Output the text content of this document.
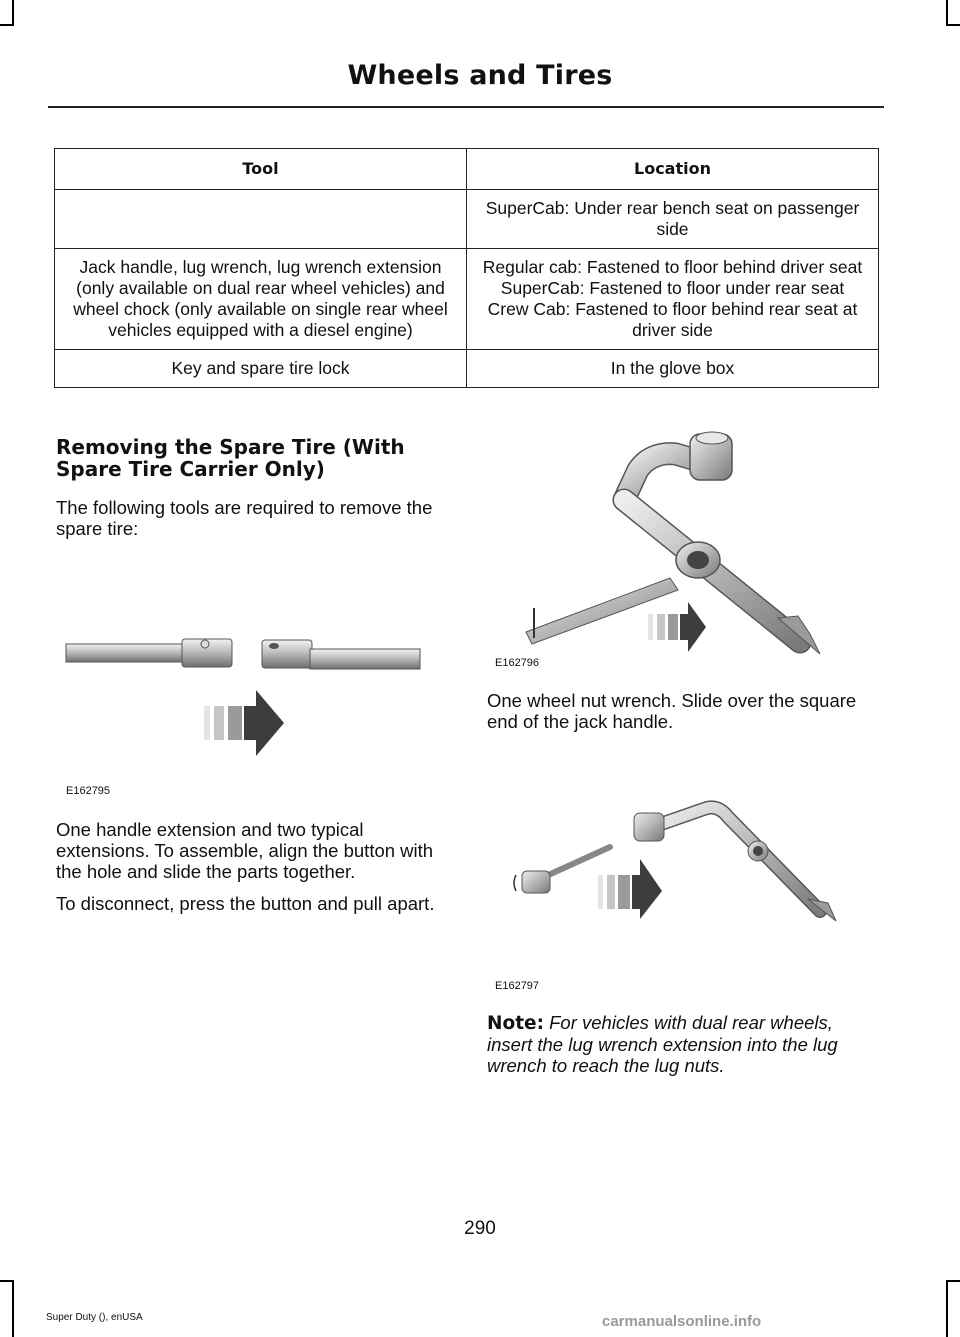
Wheels and Tires
Tool	Location

	SuperCab: Under rear bench seat on passenger side

Jack handle, lug wrench, lug wrench extension (only available on dual rear wheel vehicles) and wheel chock (only available on single rear wheel vehicles equipped with a diesel engine)	Regular cab: Fastened to floor behind driver seat
SuperCab: Fastened to floor under rear seat
Crew Cab: Fastened to floor behind rear seat at driver side

Key and spare tire lock	In the glove box
Removing the Spare Tire (With Spare Tire Carrier Only)
The following tools are required to remove the spare tire:
E162795
One handle extension and two typical extensions. To assemble, align the button with the hole and slide the parts together.
To disconnect, press the button and pull apart.
E162796
One wheel nut wrench. Slide over the square end of the jack handle.
E162797
Note: For vehicles with dual rear wheels, insert the lug wrench extension into the lug wrench to reach the lug nuts.
290
Super Duty (), enUSA	carmanualsonline.info
